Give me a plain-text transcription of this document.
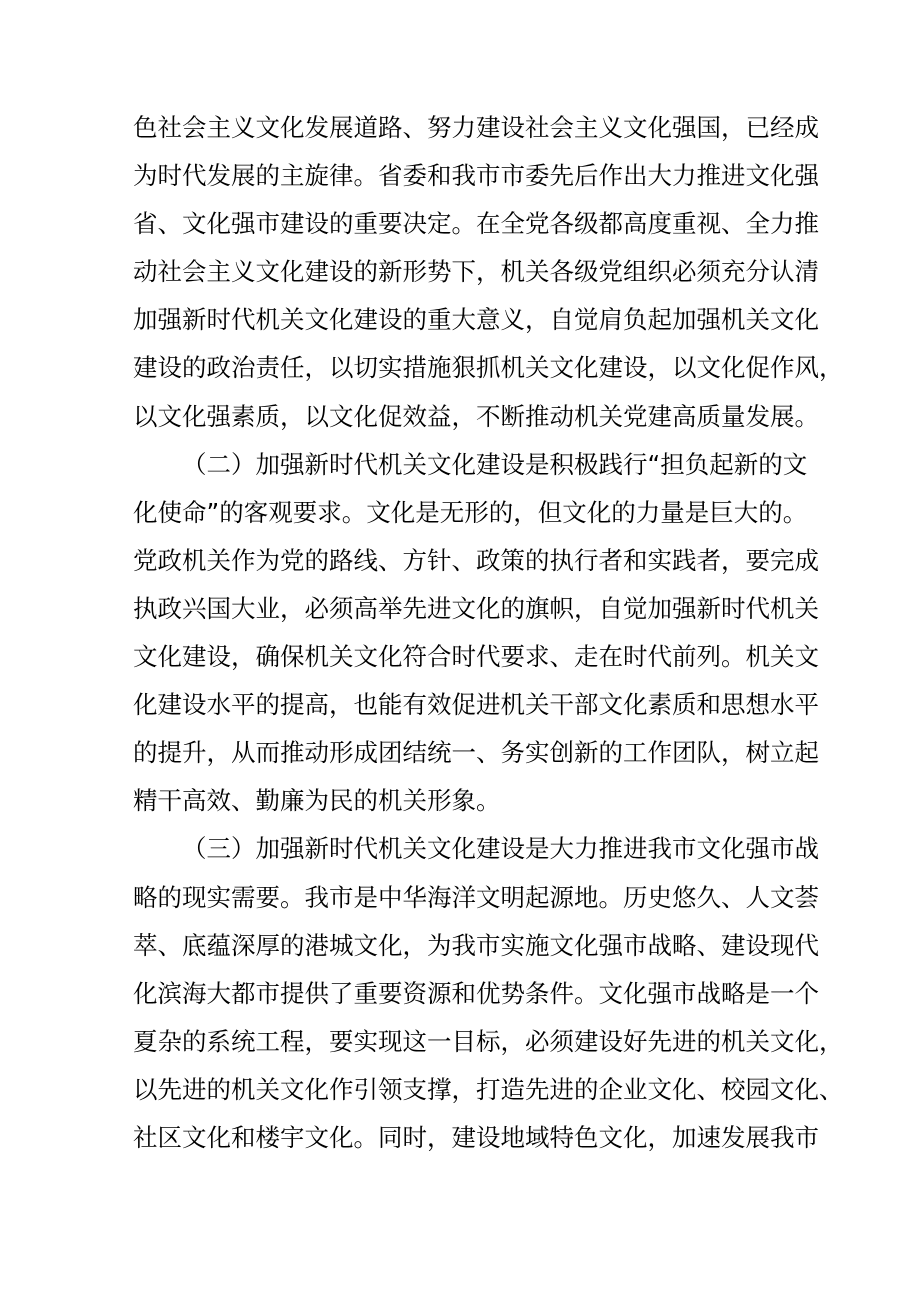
色社会主义文化发展道路、努力建设社会主义文化强国，已经成
为时代发展的主旋律。省委和我市市委先后作出大力推进文化强
省、文化强市建设的重要决定。在全党各级都高度重视、全力推
动社会主义文化建设的新形势下，机关各级党组织必须充分认清
加强新时代机关文化建设的重大意义，自觉肩负起加强机关文化
建设的政治责任，以切实措施狠抓机关文化建设，以文化促作风，
以文化强素质，以文化促效益，不断推动机关党建高质量发展。
（二）加强新时代机关文化建设是积极践行“担负起新的文
化使命”的客观要求。文化是无形的，但文化的力量是巨大的。
党政机关作为党的路线、方针、政策的执行者和实践者，要完成
执政兴国大业，必须高举先进文化的旗帜，自觉加强新时代机关
文化建设，确保机关文化符合时代要求、走在时代前列。机关文
化建设水平的提高，也能有效促进机关干部文化素质和思想水平
的提升，从而推动形成团结统一、务实创新的工作团队，树立起
精干高效、勤廉为民的机关形象。
（三）加强新时代机关文化建设是大力推进我市文化强市战
略的现实需要。我市是中华海洋文明起源地。历史悠久、人文荟
萃、底蕴深厚的港城文化，为我市实施文化强市战略、建设现代
化滨海大都市提供了重要资源和优势条件。文化强市战略是一个
夏杂的系统工程，要实现这一目标，必须建设好先进的机关文化，
以先进的机关文化作引领支撑，打造先进的企业文化、校园文化、
社区文化和楼宇文化。同时，建设地域特色文化，加速发展我市
